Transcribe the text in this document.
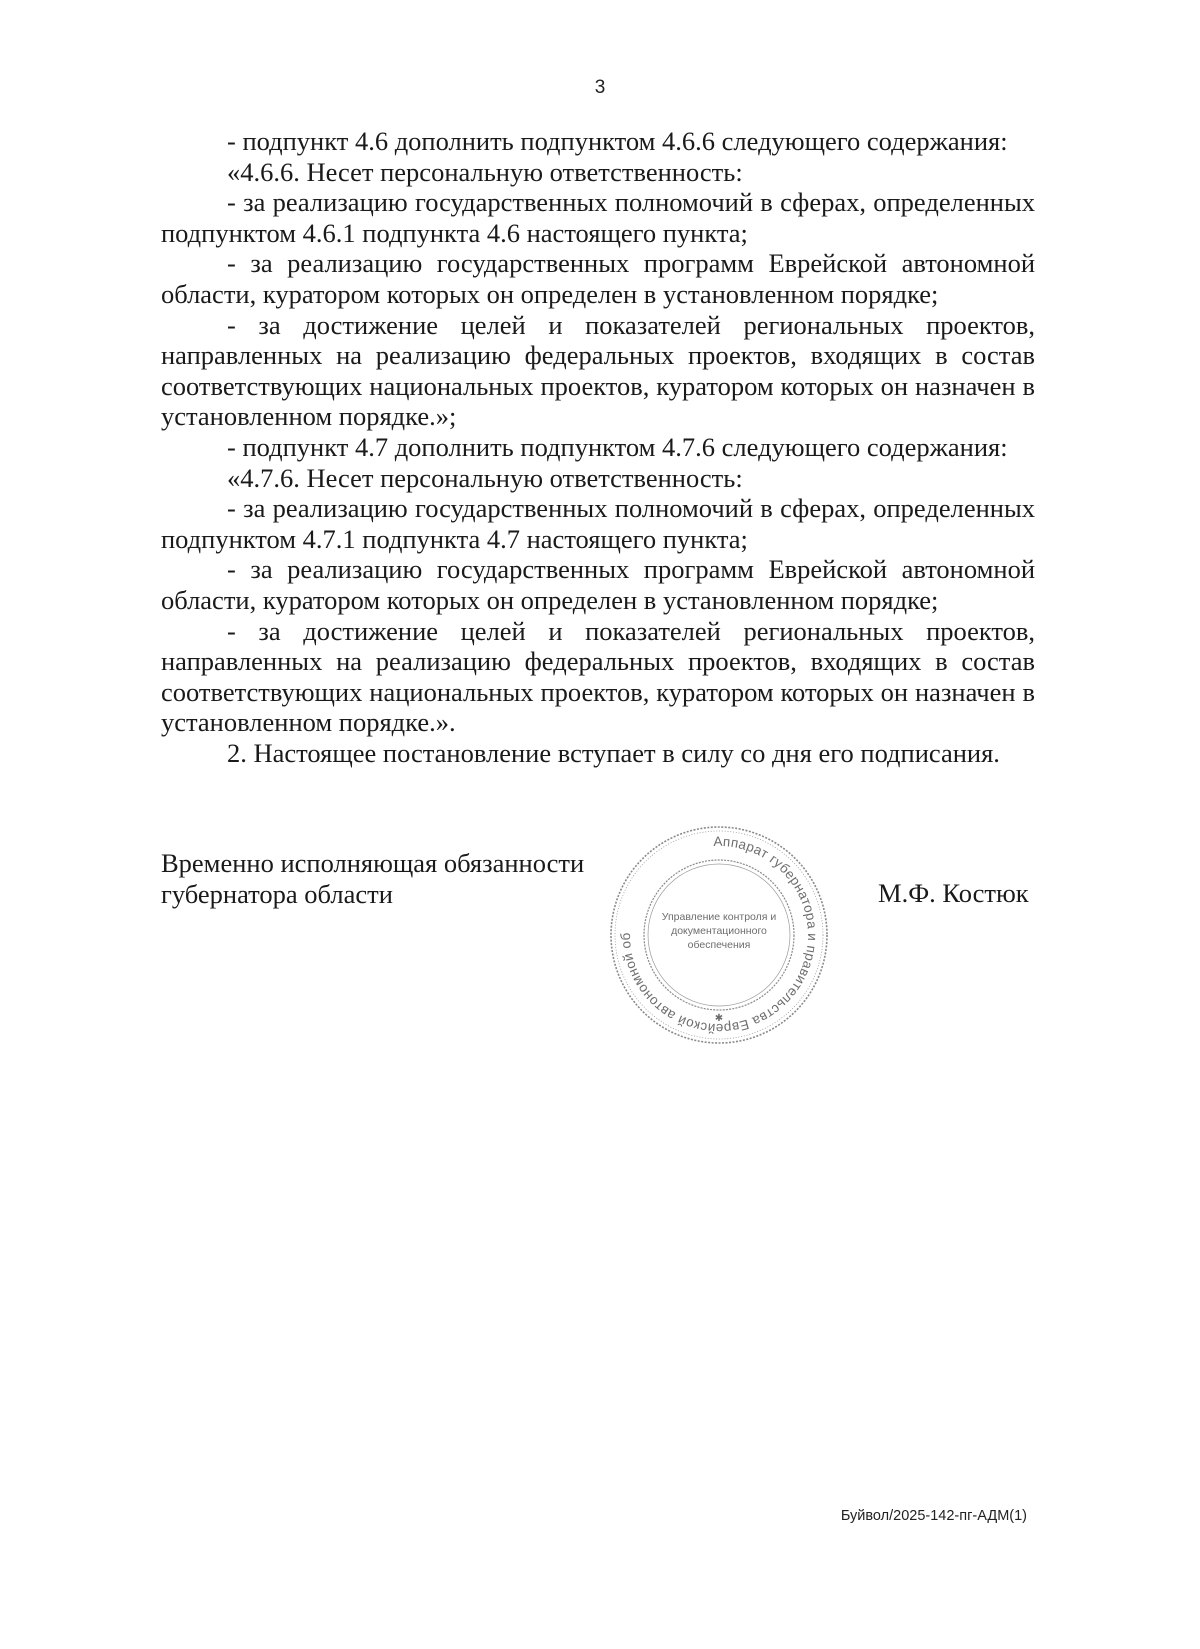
3

- подпункт 4.6 дополнить подпунктом 4.6.6 следующего содержания:

«4.6.6. Несет персональную ответственность:

- за реализацию государственных полномочий в сферах, определенных

подпунктом 4.6.1 подпункта 4.6 настоящего пункта;

- за реализацию государственных программ Еврейской автономной

области, куратором которых он определен в установленном порядке;

- за достижение целей и показателей региональных проектов,

направленных на реализацию федеральных проектов, входящих в состав

соответствующих национальных проектов, куратором которых он назначен в

установленном порядке.»;

- подпункт 4.7 дополнить подпунктом 4.7.6 следующего содержания:

«4.7.6. Несет персональную ответственность:

- за реализацию государственных полномочий в сферах, определенных

подпунктом 4.7.1 подпункта 4.7 настоящего пункта;

- за реализацию государственных программ Еврейской автономной

области, куратором которых он определен в установленном порядке;

- за достижение целей и показателей региональных проектов,

направленных на реализацию федеральных проектов, входящих в состав

соответствующих национальных проектов, куратором которых он назначен в

установленном порядке.».

2. Настоящее постановление вступает в силу со дня его подписания.

Временно исполняющая обязанности
губернатора области
Аппарат губернатора и правительства Еврейской автономной об
Управление контроля и
документационного
обеспечения
✱
М.Ф. Костюк
Буйвол/2025-142-пг-АДМ(1)
